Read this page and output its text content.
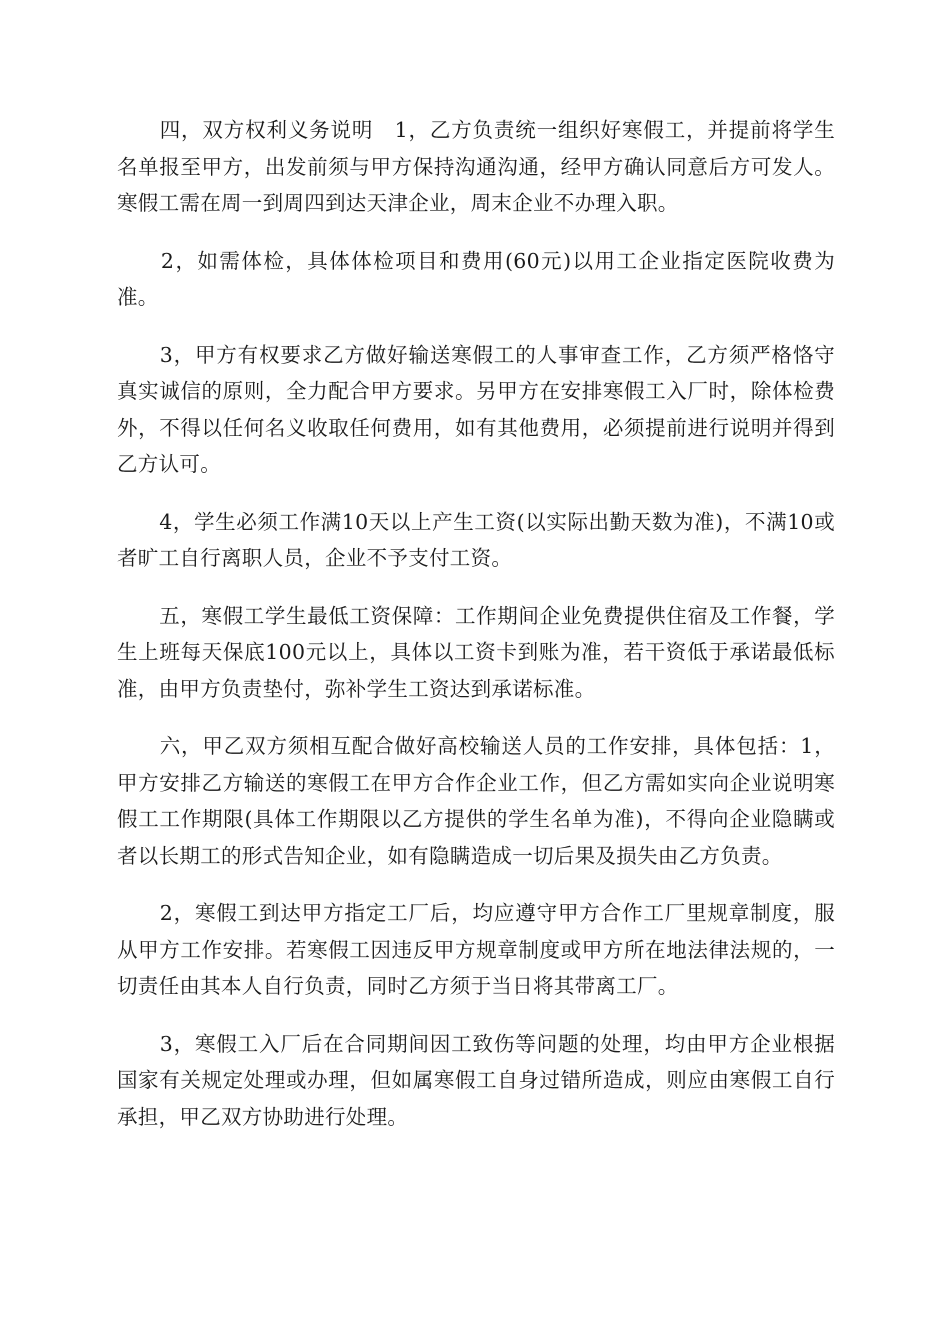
　　四，双方权利义务说明　1，乙方负责统一组织好寒假工，并提前将学生名单报至甲方，出发前须与甲方保持沟通沟通，经甲方确认同意后方可发人。寒假工需在周一到周四到达天津企业，周末企业不办理入职。

　　2，如需体检，具体体检项目和费用(60元)以用工企业指定医院收费为准。

　　3，甲方有权要求乙方做好输送寒假工的人事审查工作，乙方须严格恪守真实诚信的原则，全力配合甲方要求。另甲方在安排寒假工入厂时，除体检费外，不得以任何名义收取任何费用，如有其他费用，必须提前进行说明并得到乙方认可。

　　4，学生必须工作满10天以上产生工资(以实际出勤天数为准)，不满10或者旷工自行离职人员，企业不予支付工资。

　　五，寒假工学生最低工资保障：工作期间企业免费提供住宿及工作餐，学生上班每天保底100元以上，具体以工资卡到账为准，若干资低于承诺最低标准，由甲方负责垫付，弥补学生工资达到承诺标准。

　　六，甲乙双方须相互配合做好高校输送人员的工作安排，具体包括：1，甲方安排乙方输送的寒假工在甲方合作企业工作，但乙方需如实向企业说明寒假工工作期限(具体工作期限以乙方提供的学生名单为准)，不得向企业隐瞒或者以长期工的形式告知企业，如有隐瞒造成一切后果及损失由乙方负责。

　　2，寒假工到达甲方指定工厂后，均应遵守甲方合作工厂里规章制度，服从甲方工作安排。若寒假工因违反甲方规章制度或甲方所在地法律法规的，一切责任由其本人自行负责，同时乙方须于当日将其带离工厂。

　　3，寒假工入厂后在合同期间因工致伤等问题的处理，均由甲方企业根据国家有关规定处理或办理，但如属寒假工自身过错所造成，则应由寒假工自行承担，甲乙双方协助进行处理。
